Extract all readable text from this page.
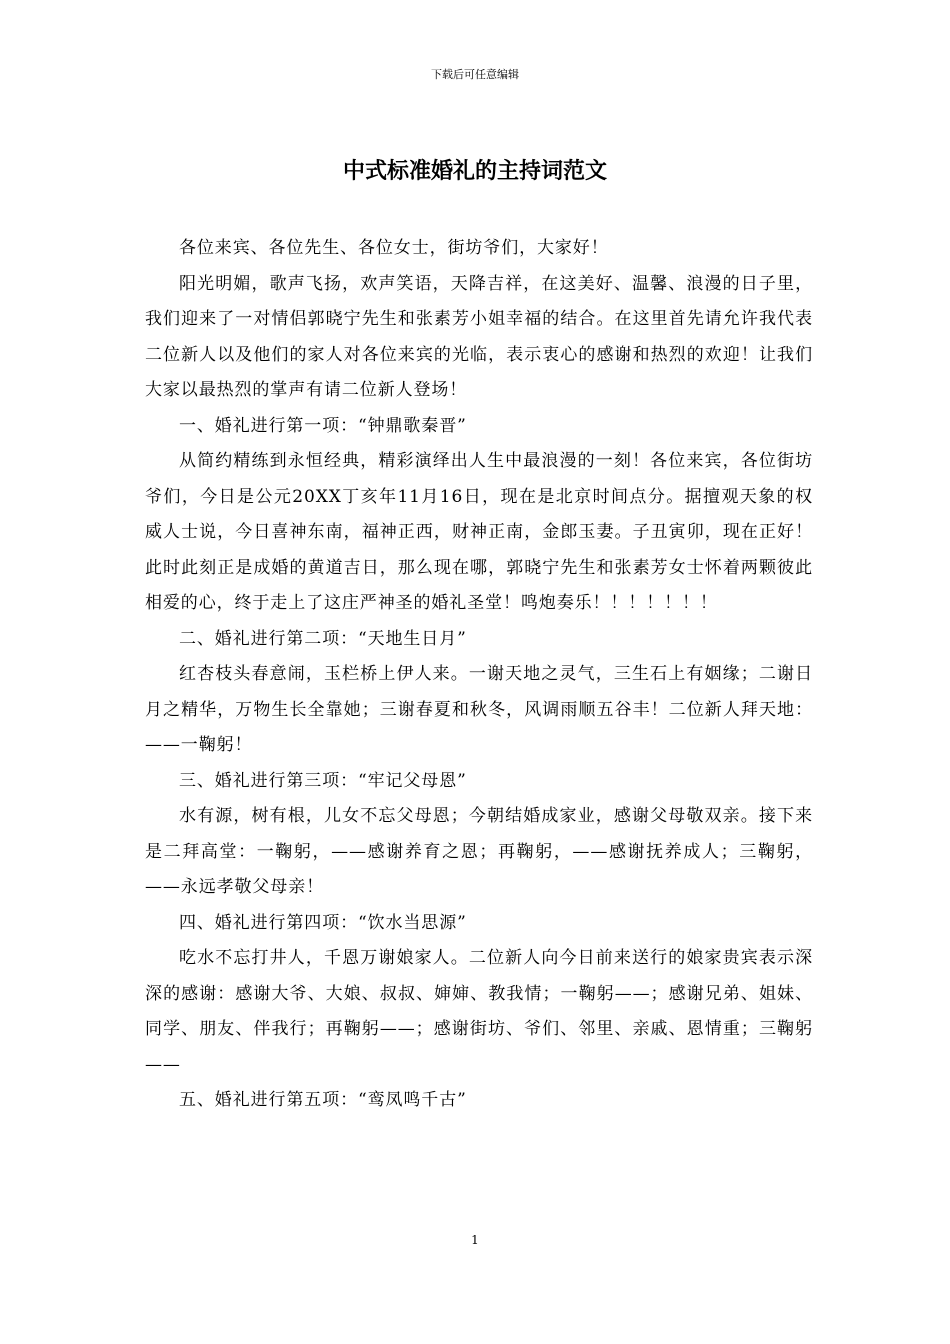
下载后可任意编辑
中式标准婚礼的主持词范文

各位来宾、各位先生、各位女士，街坊爷们，大家好！

阳光明媚，歌声飞扬，欢声笑语，天降吉祥，在这美好、温馨、浪漫的日子里，我们迎来了一对情侣郭晓宁先生和张素芳小姐幸福的结合。在这里首先请允许我代表二位新人以及他们的家人对各位来宾的光临，表示衷心的感谢和热烈的欢迎！让我们大家以最热烈的掌声有请二位新人登场！

一、婚礼进行第一项：“钟鼎歌秦晋”

从简约精练到永恒经典，精彩演绎出人生中最浪漫的一刻！各位来宾，各位街坊爷们，今日是公元20XX丁亥年11月16日，现在是北京时间点分。据擅观天象的权威人士说，今日喜神东南，福神正西，财神正南，金郎玉妻。子丑寅卯，现在正好！此时此刻正是成婚的黄道吉日，那么现在哪，郭晓宁先生和张素芳女士怀着两颗彼此相爱的心，终于走上了这庄严神圣的婚礼圣堂！鸣炮奏乐！！！！！！！

二、婚礼进行第二项：“天地生日月”

红杏枝头春意闹，玉栏桥上伊人来。一谢天地之灵气，三生石上有姻缘；二谢日月之精华，万物生长全靠她；三谢春夏和秋冬，风调雨顺五谷丰！二位新人拜天地：——一鞠躬！

三、婚礼进行第三项：“牢记父母恩”

水有源，树有根，儿女不忘父母恩；今朝结婚成家业，感谢父母敬双亲。接下来是二拜高堂：一鞠躬，——感谢养育之恩；再鞠躬，——感谢抚养成人；三鞠躬，——永远孝敬父母亲！

四、婚礼进行第四项：“饮水当思源”

吃水不忘打井人，千恩万谢娘家人。二位新人向今日前来送行的娘家贵宾表示深深的感谢：感谢大爷、大娘、叔叔、婶婶、教我情；一鞠躬——；感谢兄弟、姐妹、同学、朋友、伴我行；再鞠躬——；感谢街坊、爷们、邻里、亲戚、恩情重；三鞠躬——

五、婚礼进行第五项：“鸾凤鸣千古”

1
